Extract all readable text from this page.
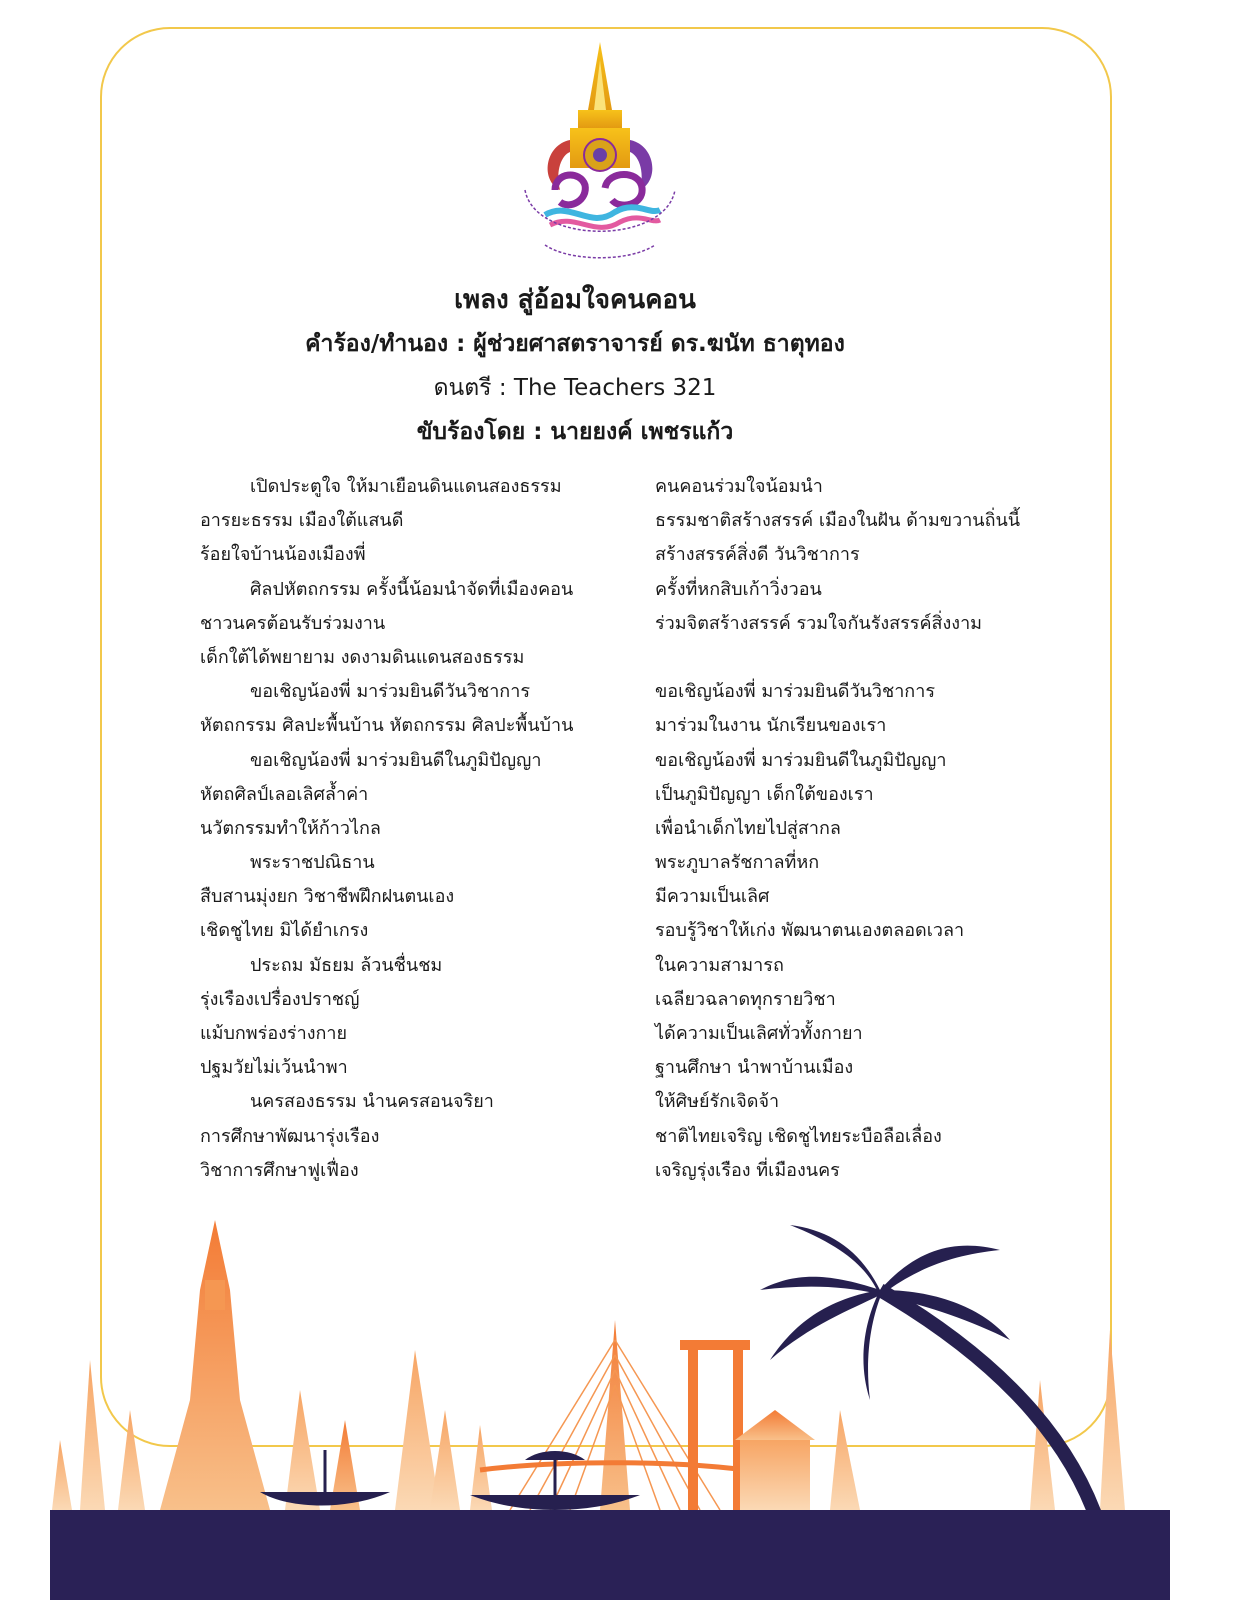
เพลง สู่อ้อมใจคนคอน

คำร้อง/ทำนอง : ผู้ช่วยศาสตราจารย์ ดร.ฆนัท ธาตุทอง

ดนตรี : The Teachers 321

ขับร้องโดย : นายยงค์ เพชรแก้ว

เปิดประตูใจ ให้มาเยือนดินแดนสองธรรม
อารยะธรรม เมืองใต้แสนดี
ร้อยใจบ้านน้องเมืองพี่
ศิลปหัตถกรรม ครั้งนี้น้อมนำจัดที่เมืองคอน
ชาวนครต้อนรับร่วมงาน
เด็กใต้ได้พยายาม งดงามดินแดนสองธรรม
ขอเชิญน้องพี่ มาร่วมยินดีวันวิชาการ
หัตถกรรม ศิลปะพื้นบ้าน หัตถกรรม ศิลปะพื้นบ้าน
ขอเชิญน้องพี่ มาร่วมยินดีในภูมิปัญญา
หัตถศิลป์เลอเลิศล้ำค่า
นวัตกรรมทำให้ก้าวไกล
พระราชปณิธาน
สืบสานมุ่งยก วิชาชีพฝึกฝนตนเอง
เชิดชูไทย มิได้ยำเกรง
ประถม มัธยม ล้วนชื่นชม
รุ่งเรืองเปรื่องปราชญ์
แม้บกพร่องร่างกาย
ปฐมวัยไม่เว้นนำพา
นครสองธรรม นำนครสอนจริยา
การศึกษาพัฒนารุ่งเรือง
วิชาการศึกษาฟูเฟื่อง
คนคอนร่วมใจน้อมนำ
ธรรมชาติสร้างสรรค์ เมืองในฝัน ด้ามขวานถิ่นนี้
สร้างสรรค์สิ่งดี วันวิชาการ
ครั้งที่หกสิบเก้าวิ่งวอน
ร่วมจิตสร้างสรรค์ รวมใจกันรังสรรค์สิ่งงาม
ขอเชิญน้องพี่ มาร่วมยินดีวันวิชาการ
มาร่วมในงาน นักเรียนของเรา
ขอเชิญน้องพี่ มาร่วมยินดีในภูมิปัญญา
เป็นภูมิปัญญา เด็กใต้ของเรา
เพื่อนำเด็กไทยไปสู่สากล
พระภูบาลรัชกาลที่หก
มีความเป็นเลิศ
รอบรู้วิชาให้เก่ง พัฒนาตนเองตลอดเวลา
ในความสามารถ
เฉลียวฉลาดทุกรายวิชา
ได้ความเป็นเลิศทั่วทั้งกายา
ฐานศึกษา นำพาบ้านเมือง
ให้ศิษย์รักเจิดจ้า
ชาติไทยเจริญ เชิดชูไทยระบือลือเลื่อง
เจริญรุ่งเรือง ที่เมืองนคร
